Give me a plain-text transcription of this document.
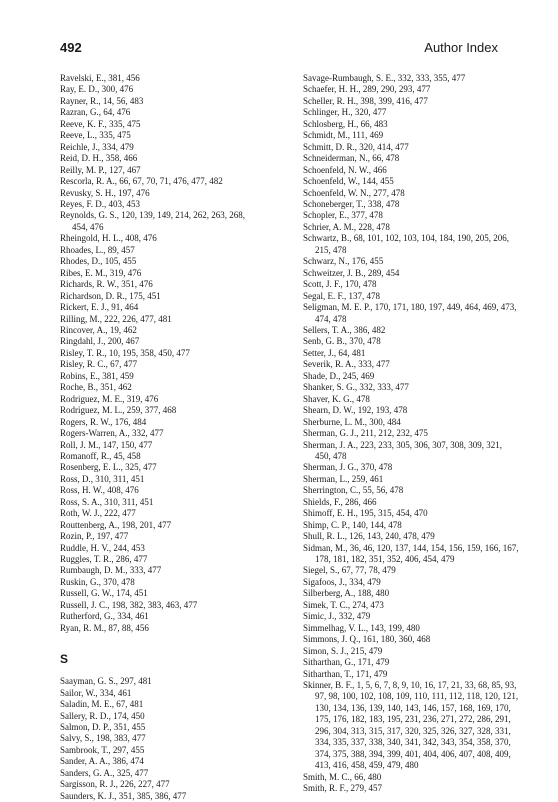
492	Author Index
Ravelski, E., 381, 456
Ray, E. D., 300, 476
Rayner, R., 14, 56, 483
Razran, G., 64, 476
Reeve, K. F., 335, 475
Reeve, L., 335, 475
Reichle, J., 334, 479
Reid, D. H., 358, 466
Reilly, M. P., 127, 467
Rescorla, R. A., 66, 67, 70, 71, 476, 477, 482
Revusky, S. H., 197, 476
Reyes, F. D., 403, 453
Reynolds, G. S., 120, 139, 149, 214, 262, 263, 268,
454, 476
Rheingold, H. L., 408, 476
Rhoades, L., 89, 457
Rhodes, D., 105, 455
Ribes, E. M., 319, 476
Richards, R. W., 351, 476
Richardson, D. R., 175, 451
Rickert, E. J., 91, 464
Rilling, M., 222, 226, 477, 481
Rincover, A., 19, 462
Ringdahl, J., 200, 467
Risley, T. R., 10, 195, 358, 450, 477
Risley, R. C., 67, 477
Robins, E., 381, 459
Roche, B., 351, 462
Rodriguez, M. E., 319, 476
Rodriguez, M. L., 259, 377, 468
Rogers, R. W., 176, 484
Rogers-Warren, A., 332, 477
Roll, J. M., 147, 150, 477
Romanoff, R., 45, 458
Rosenberg, E. L., 325, 477
Ross, D., 310, 311, 451
Ross, H. W., 408, 476
Ross, S. A., 310, 311, 451
Roth, W. J., 222, 477
Routtenberg, A., 198, 201, 477
Rozin, P., 197, 477
Ruddle, H. V., 244, 453
Ruggles, T. R., 286, 477
Rumbaugh, D. M., 333, 477
Ruskin, G., 370, 478
Russell, G. W., 174, 451
Russell, J. C., 198, 382, 383, 463, 477
Rutherford, G., 334, 461
Ryan, R. M., 87, 88, 456
S
Saayman, G. S., 297, 481
Sailor, W., 334, 461
Saladin, M. E., 67, 481
Sallery, R. D., 174, 450
Salmon, D. P., 351, 455
Salvy, S., 198, 383, 477
Sambrook, T., 297, 455
Sander, A. A., 386, 474
Sanders, G. A., 325, 477
Sargisson, R. J., 226, 227, 477
Saunders, K. J., 351, 385, 386, 477
Savage-Rumbaugh, S. E., 332, 333, 355, 477
Schaefer, H. H., 289, 290, 293, 477
Scheller, R. H., 398, 399, 416, 477
Schlinger, H., 320, 477
Schlosberg, H., 66, 483
Schmidt, M., 111, 469
Schmitt, D. R., 320, 414, 477
Schneiderman, N., 66, 478
Schoenfeld, N. W., 466
Schoenfeld, W., 144, 455
Schoenfeld, W. N., 277, 478
Schoneberger, T., 338, 478
Schopler, E., 377, 478
Schrier, A. M., 228, 478
Schwartz, B., 68, 101, 102, 103, 104, 184, 190, 205, 206,
215, 478
Schwarz, N., 176, 455
Schweitzer, J. B., 289, 454
Scott, J. F., 170, 478
Segal, E. F., 137, 478
Seligman, M. E. P., 170, 171, 180, 197, 449, 464, 469, 473,
474, 478
Sellers, T. A., 386, 482
Senb, G. B., 370, 478
Setter, J., 64, 481
Severik, R. A., 333, 477
Shade, D., 245, 469
Shanker, S. G., 332, 333, 477
Shaver, K. G., 478
Shearn, D. W., 192, 193, 478
Sherburne, L. M., 300, 484
Sherman, G. J., 211, 212, 232, 475
Sherman, J. A., 223, 233, 305, 306, 307, 308, 309, 321,
450, 478
Sherman, J. G., 370, 478
Sherman, L., 259, 461
Sherrington, C., 55, 56, 478
Shields, F., 286, 466
Shimoff, E. H., 195, 315, 454, 470
Shimp, C. P., 140, 144, 478
Shull, R. L., 126, 143, 240, 478, 479
Sidman, M., 36, 46, 120, 137, 144, 154, 156, 159, 166, 167,
178, 181, 182, 351, 352, 406, 454, 479
Siegel, S., 67, 77, 78, 479
Sigafoos, J., 334, 479
Silberberg, A., 188, 480
Simek, T. C., 274, 473
Simic, J., 332, 479
Simmelhag, V. L., 143, 199, 480
Simmons, J. Q., 161, 180, 360, 468
Simon, S. J., 215, 479
Sitharthan, G., 171, 479
Sitharthan, T., 171, 479
Skinner, B. F., 1, 5, 6, 7, 8, 9, 10, 16, 17, 21, 33, 68, 85, 93,
97, 98, 100, 102, 108, 109, 110, 111, 112, 118, 120, 121,
130, 134, 136, 139, 140, 143, 146, 157, 168, 169, 170,
175, 176, 182, 183, 195, 231, 236, 271, 272, 286, 291,
296, 304, 313, 315, 317, 320, 325, 326, 327, 328, 331,
334, 335, 337, 338, 340, 341, 342, 343, 354, 358, 370,
374, 375, 388, 394, 399, 401, 404, 406, 407, 408, 409,
413, 416, 458, 459, 479, 480
Smith, M. C., 66, 480
Smith, R. F., 279, 457
